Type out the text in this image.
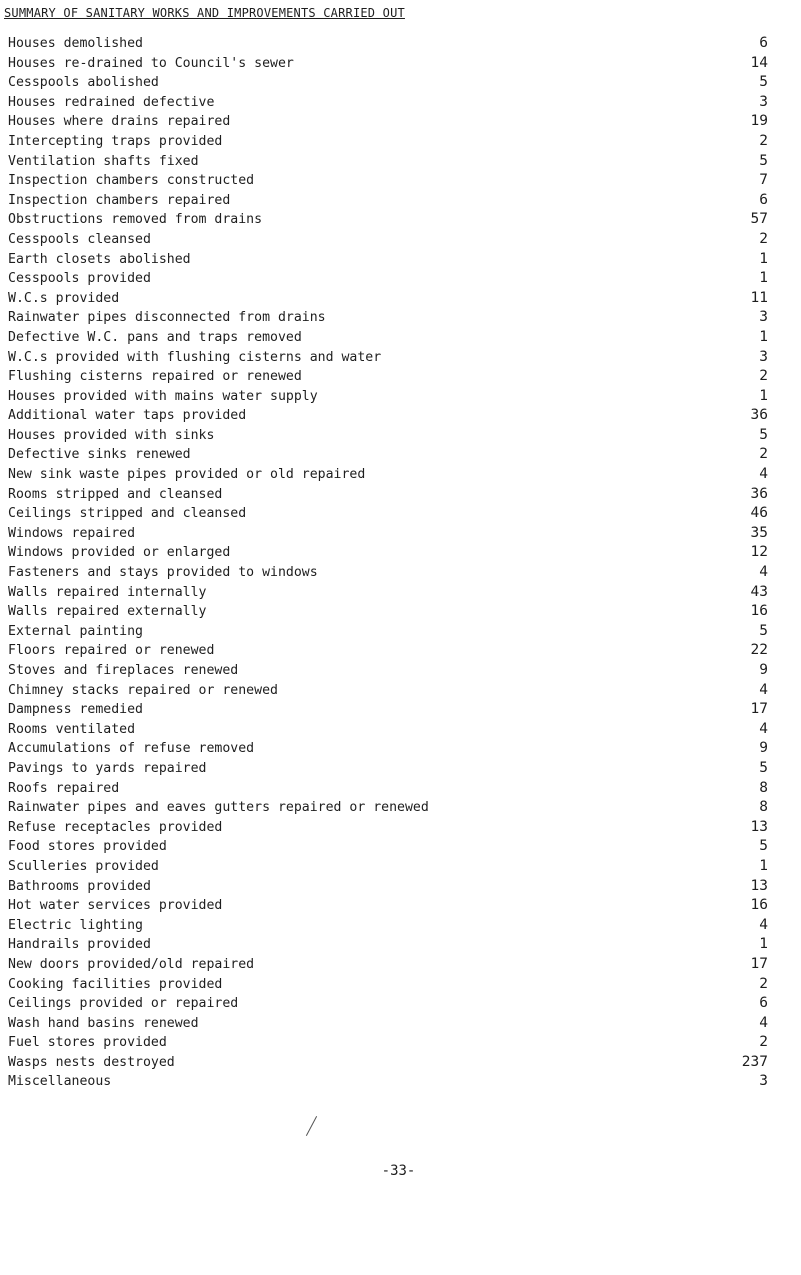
SUMMARY OF SANITARY WORKS AND IMPROVEMENTS CARRIED OUT
Houses demolished	6
Houses re-drained to Council's sewer	14
Cesspools abolished	5
Houses redrained defective	3
Houses where drains repaired	19
Intercepting traps provided	2
Ventilation shafts fixed	5
Inspection chambers constructed	7
Inspection chambers repaired	6
Obstructions removed from drains	57
Cesspools cleansed	2
Earth closets abolished	1
Cesspools provided	1
W.C.s provided	11
Rainwater pipes disconnected from drains	3
Defective W.C. pans and traps removed	1
W.C.s provided with flushing cisterns and water	3
Flushing cisterns repaired or renewed	2
Houses provided with mains water supply	1
Additional water taps provided	36
Houses provided with sinks	5
Defective sinks renewed	2
New sink waste pipes provided or old repaired	4
Rooms stripped and cleansed	36
Ceilings stripped and cleansed	46
Windows repaired	35
Windows provided or enlarged	12
Fasteners and stays provided to windows	4
Walls repaired internally	43
Walls repaired externally	16
External painting	5
Floors repaired or renewed	22
Stoves and fireplaces renewed	9
Chimney stacks repaired or renewed	4
Dampness remedied	17
Rooms ventilated	4
Accumulations of refuse removed	9
Pavings to yards repaired	5
Roofs repaired	8
Rainwater pipes and eaves gutters repaired or renewed	8
Refuse receptacles provided	13
Food stores provided	5
Sculleries provided	1
Bathrooms provided	13
Hot water services provided	16
Electric lighting	4
Handrails provided	1
New doors provided/old repaired	17
Cooking facilities provided	2
Ceilings provided or repaired	6
Wash hand basins renewed	4
Fuel stores provided	2
Wasps nests destroyed	237
Miscellaneous	3
-33-
